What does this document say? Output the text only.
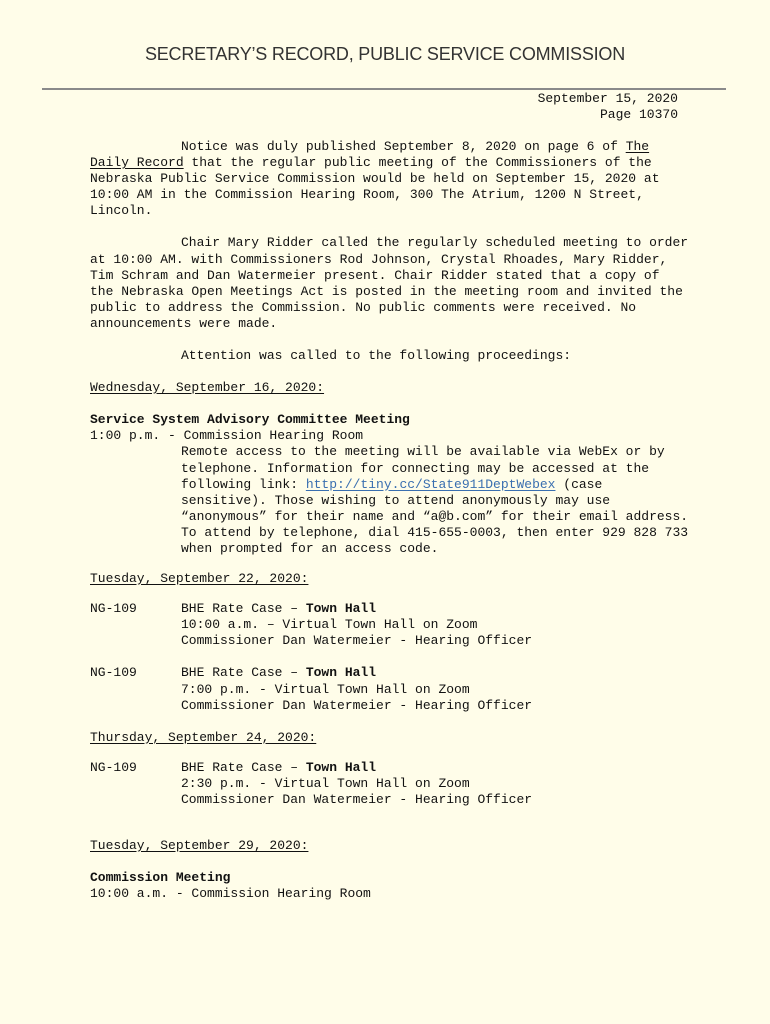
SECRETARY’S RECORD, PUBLIC SERVICE COMMISSION
September 15, 2020
Page 10370

Notice was duly published September 8, 2020 on page 6 of The Daily Record that the regular public meeting of the Commissioners of the Nebraska Public Service Commission would be held on September 15, 2020 at 10:00 AM in the Commission Hearing Room, 300 The Atrium, 1200 N Street, Lincoln.

Chair Mary Ridder called the regularly scheduled meeting to order at 10:00 AM. with Commissioners Rod Johnson, Crystal Rhoades, Mary Ridder, Tim Schram and Dan Watermeier present. Chair Ridder stated that a copy of the Nebraska Open Meetings Act is posted in the meeting room and invited the public to address the Commission. No public comments were received. No announcements were made.

Attention was called to the following proceedings:

Wednesday, September 16, 2020:
Service System Advisory Committee Meeting
1:00 p.m. - Commission Hearing Room
Remote access to the meeting will be available via WebEx or by telephone. Information for connecting may be accessed at the following link: http://tiny.cc/State911DeptWebex (case sensitive). Those wishing to attend anonymously may use “anonymous” for their name and “a@b.com” for their email address. To attend by telephone, dial 415-655-0003, then enter 929 828 733 when prompted for an access code.
Tuesday, September 22, 2020:
NG-109	BHE Rate Case – Town Hall
10:00 a.m. – Virtual Town Hall on Zoom
Commissioner Dan Watermeier - Hearing Officer
NG-109	BHE Rate Case – Town Hall
7:00 p.m. - Virtual Town Hall on Zoom
Commissioner Dan Watermeier - Hearing Officer
Thursday, September 24, 2020:
NG-109	BHE Rate Case – Town Hall
2:30 p.m. - Virtual Town Hall on Zoom
Commissioner Dan Watermeier - Hearing Officer
Tuesday, September 29, 2020:
Commission Meeting
10:00 a.m. - Commission Hearing Room
